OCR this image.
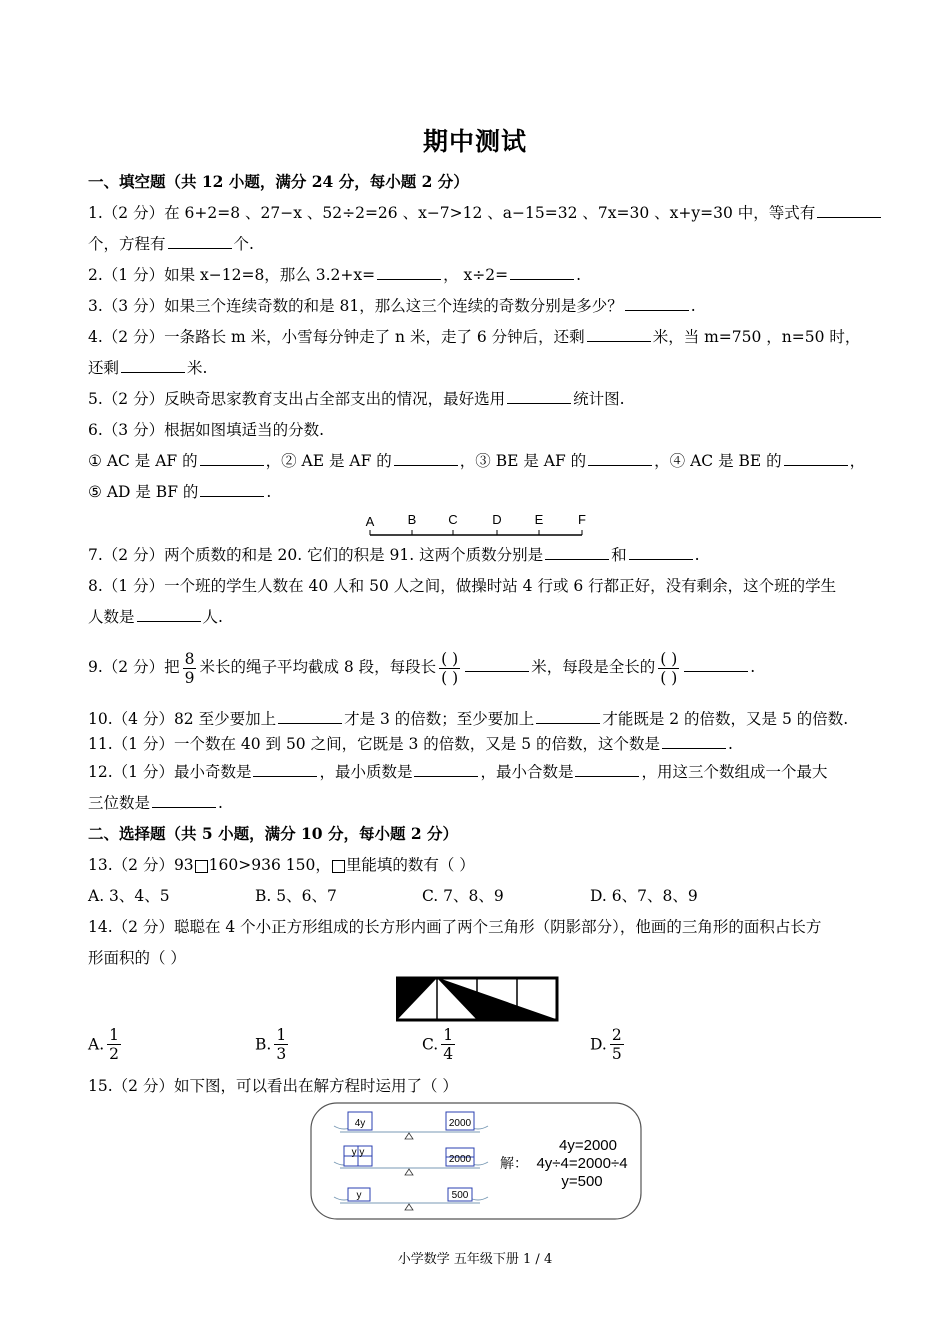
期中测试
一、填空题（共 12 小题，满分 24 分，每小题 2 分）
1.（2 分）在 6+2=8 、27−x 、52÷2=26 、x−7>12 、a−15=32 、7x=30 、x+y=30 中，等式有
个，方程有	个.
2.（1 分）如果 x−12=8，那么 3.2+x=	， x÷2=	.
3.（3 分）如果三个连续奇数的和是 81，那么这三个连续的奇数分别是多少？	.
4.（2 分）一条路长 m 米，小雪每分钟走了 n 米，走了 6 分钟后，还剩	米，当 m=750 ，n=50 时，
还剩	米.
5.（2 分）反映奇思家教育支出占全部支出的情况，最好选用	统计图.
6.（3 分）根据如图填适当的分数.
① AC 是 AF 的	，② AE 是 AF 的	，③ BE 是 AF 的	，④ AC 是 BE 的	，
⑤ AD 是 BF 的	.
A	B C	D	E	F
7.（2 分）两个质数的和是 20. 它们的积是 91. 这两个质数分别是	和	.
8.（1 分）一个班的学生人数在 40 人和 50 人之间，做操时站 4 行或 6 行都正好，没有剩余，这个班的学生
人数是	人.
9.（2 分）把 $\frac{8}{9}$ 米长的绳子平均截成 8 段，每段长 $\frac{( )}{( )}$	米，每段是全长的 $\frac{( )}{( )}$	.
10.（4 分）82 至少要加上	才是 3 的倍数；至少要加上	才能既是 2 的倍数，又是 5 的倍数.
11.（1 分）一个数在 40 到 50 之间，它既是 3 的倍数，又是 5 的倍数，这个数是	.
12.（1 分）最小奇数是	，最小质数是	，最小合数是	，用这三个数组成一个最大
三位数是	.
二、选择题（共 5 小题，满分 10 分，每小题 2 分）
13.（2 分）93 160>936 150， 里能填的数有（ ）
A. 3、4、5	B. 5、6、7	C. 7、8、9	D. 6、7、8、9
14.（2 分）聪聪在 4 个小正方形组成的长方形内画了两个三角形（阴影部分），他画的三角形的面积占长方
形面积的（ ）
A. $\frac{1}{2}$	B. $\frac{1}{3}$	C. $\frac{1}{4}$	D. $\frac{2}{5}$
15.（2 分）如下图，可以看出在解方程时运用了（ ）
4y	2000
y y
2000
y	500
解：
4y=2000
4y÷4=2000÷4
y=500
小学数学 五年级下册 1 / 4
